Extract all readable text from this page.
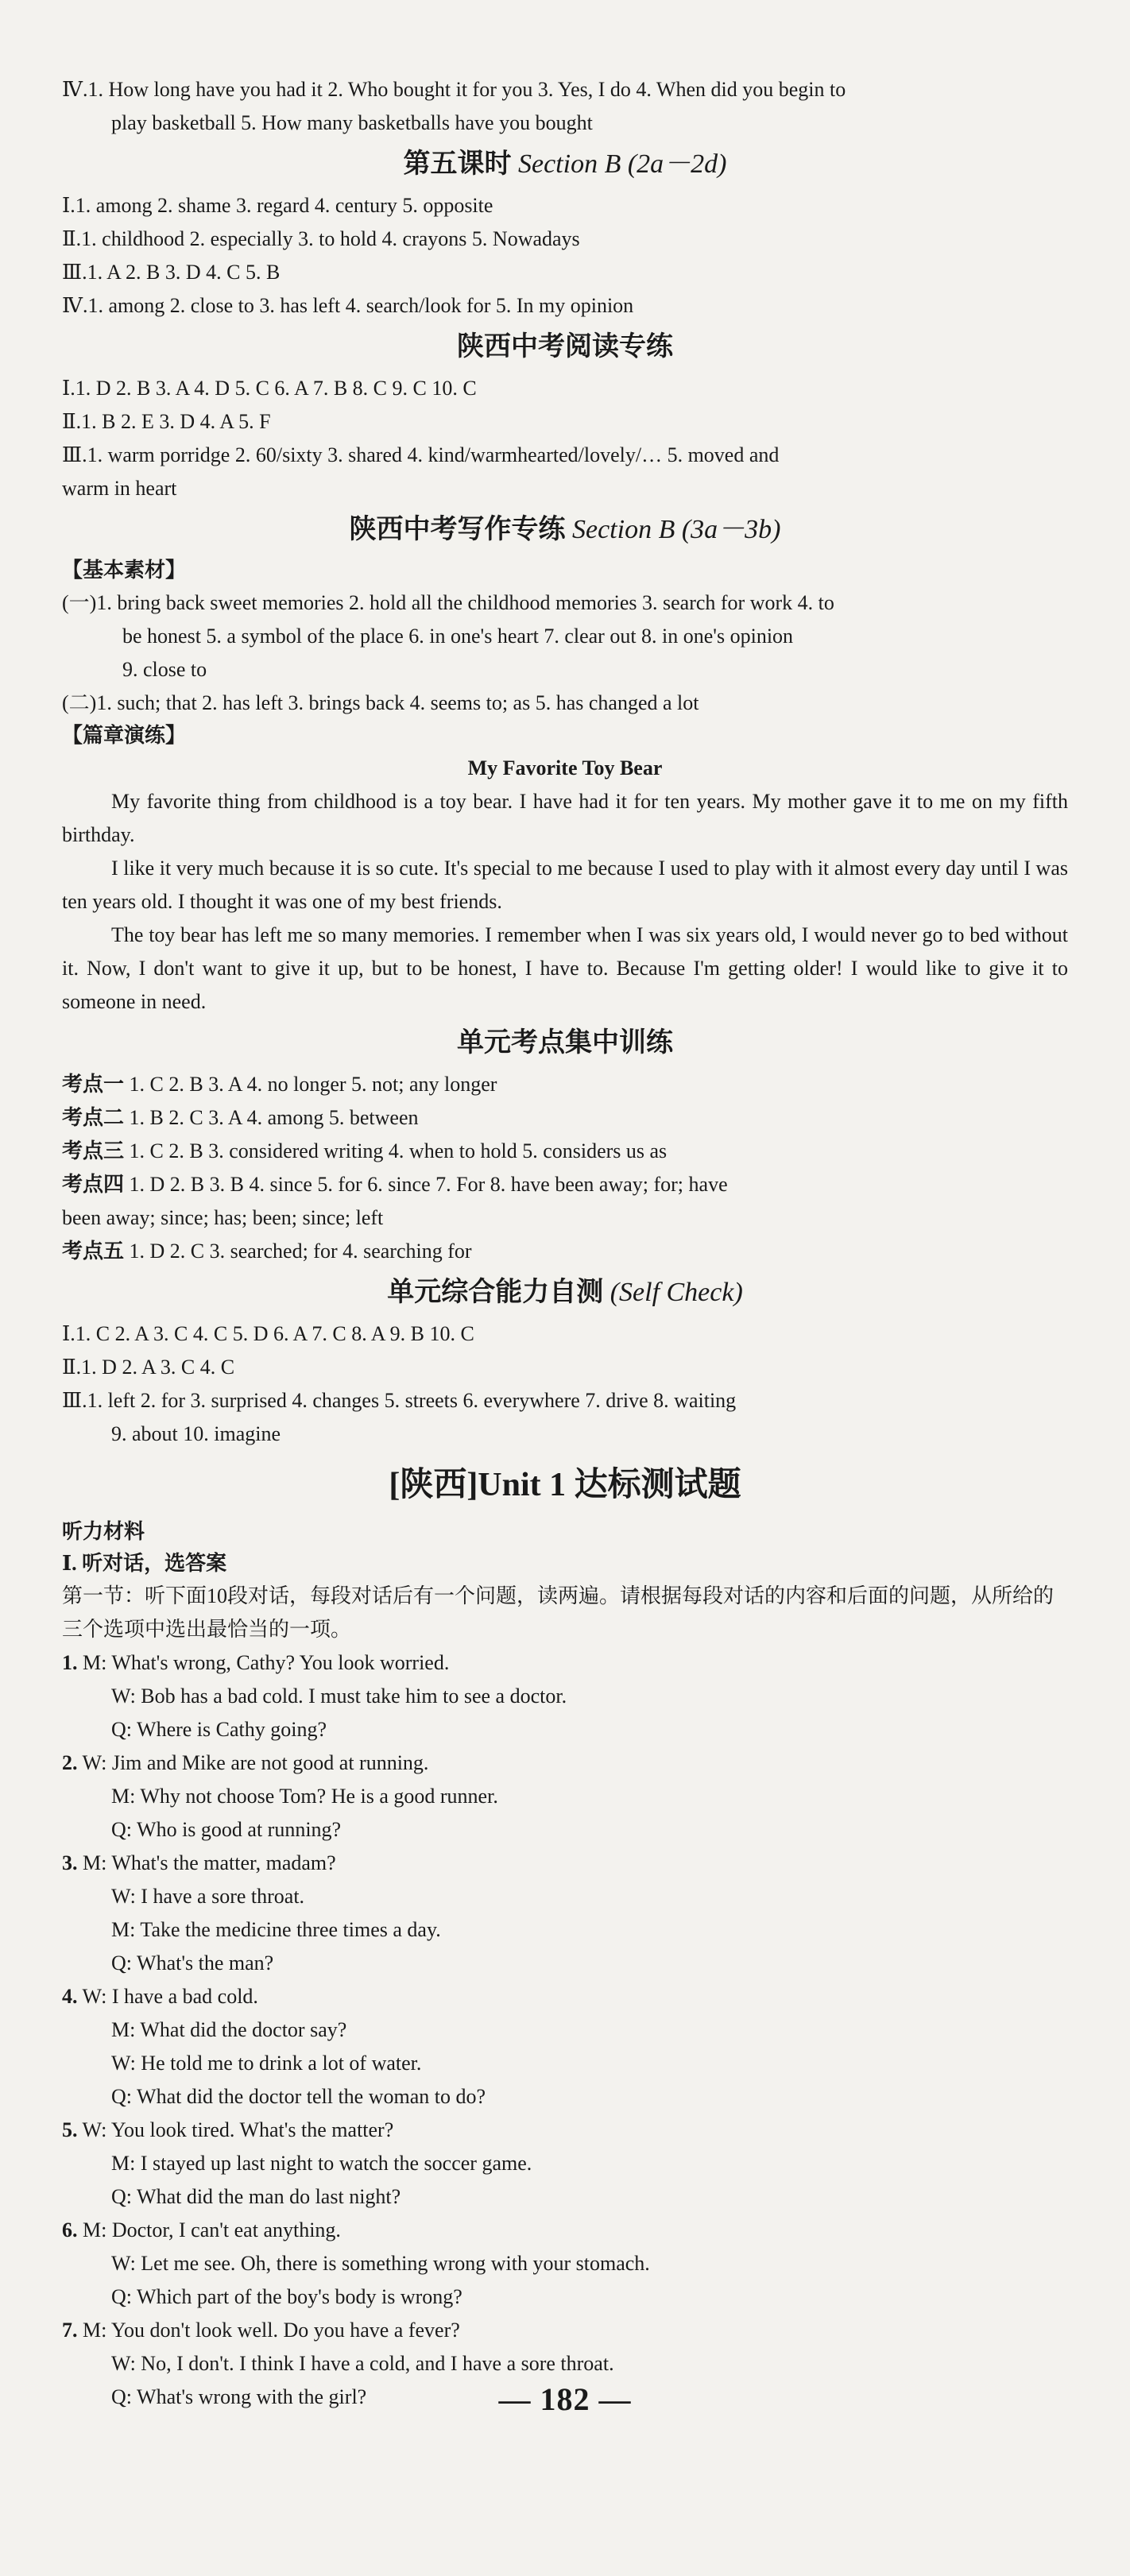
Ⅳ.1. How long have you had it 2. Who bought it for you 3. Yes, I do 4. When did you begin to
play basketball 5. How many basketballs have you bought
第五课时 Section B (2a－2d)
Ⅰ.1. among 2. shame 3. regard 4. century 5. opposite
Ⅱ.1. childhood 2. especially 3. to hold 4. crayons 5. Nowadays
Ⅲ.1. A 2. B 3. D 4. C 5. B
Ⅳ.1. among 2. close to 3. has left 4. search/look for 5. In my opinion
陕西中考阅读专练
Ⅰ.1. D 2. B 3. A 4. D 5. C 6. A 7. B 8. C 9. C 10. C
Ⅱ.1. B 2. E 3. D 4. A 5. F
Ⅲ.1. warm porridge 2. 60/sixty 3. shared 4. kind/warmhearted/lovely/… 5. moved and
warm in heart
陕西中考写作专练 Section B (3a－3b)
【基本素材】
(一)1. bring back sweet memories 2. hold all the childhood memories 3. search for work 4. to
be honest 5. a symbol of the place 6. in one's heart 7. clear out 8. in one's opinion
9. close to
(二)1. such; that 2. has left 3. brings back 4. seems to; as 5. has changed a lot
【篇章演练】
My Favorite Toy Bear
My favorite thing from childhood is a toy bear. I have had it for ten years. My mother gave it to me on my fifth birthday.
I like it very much because it is so cute. It's special to me because I used to play with it almost every day until I was ten years old. I thought it was one of my best friends.
The toy bear has left me so many memories. I remember when I was six years old, I would never go to bed without it. Now, I don't want to give it up, but to be honest, I have to. Because I'm getting older! I would like to give it to someone in need.
单元考点集中训练
考点一 1. C 2. B 3. A 4. no longer 5. not; any longer
考点二 1. B 2. C 3. A 4. among 5. between
考点三 1. C 2. B 3. considered writing 4. when to hold 5. considers us as
考点四 1. D 2. B 3. B 4. since 5. for 6. since 7. For 8. have been away; for; have
been away; since; has; been; since; left
考点五 1. D 2. C 3. searched; for 4. searching for
单元综合能力自测 (Self Check)
Ⅰ.1. C 2. A 3. C 4. C 5. D 6. A 7. C 8. A 9. B 10. C
Ⅱ.1. D 2. A 3. C 4. C
Ⅲ.1. left 2. for 3. surprised 4. changes 5. streets 6. everywhere 7. drive 8. waiting
9. about 10. imagine
[陕西]Unit 1 达标测试题
听力材料
Ⅰ. 听对话，选答案
第一节：听下面10段对话，每段对话后有一个问题，读两遍。请根据每段对话的内容和后面的问题，从所给的三个选项中选出最恰当的一项。
1. M: What's wrong, Cathy? You look worried.
W: Bob has a bad cold. I must take him to see a doctor.
Q: Where is Cathy going?
2. W: Jim and Mike are not good at running.
M: Why not choose Tom? He is a good runner.
Q: Who is good at running?
3. M: What's the matter, madam?
W: I have a sore throat.
M: Take the medicine three times a day.
Q: What's the man?
4. W: I have a bad cold.
M: What did the doctor say?
W: He told me to drink a lot of water.
Q: What did the doctor tell the woman to do?
5. W: You look tired. What's the matter?
M: I stayed up last night to watch the soccer game.
Q: What did the man do last night?
6. M: Doctor, I can't eat anything.
W: Let me see. Oh, there is something wrong with your stomach.
Q: Which part of the boy's body is wrong?
7. M: You don't look well. Do you have a fever?
W: No, I don't. I think I have a cold, and I have a sore throat.
Q: What's wrong with the girl?	— 182 —
